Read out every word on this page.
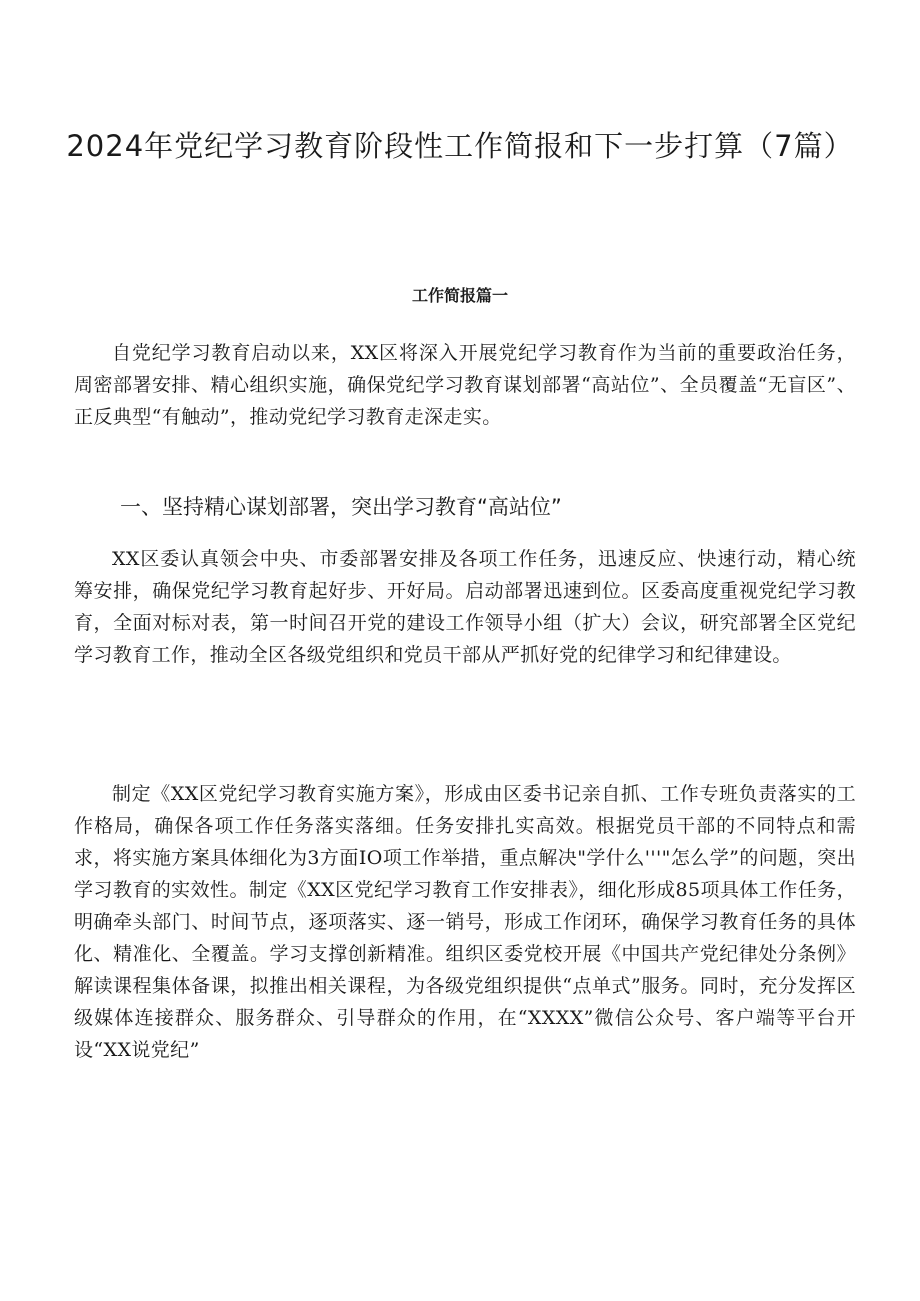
2024年党纪学习教育阶段性工作简报和下一步打算（7篇）
工作简报篇一

自党纪学习教育启动以来，XX区将深入开展党纪学习教育作为当前的重要政治任务，周密部署安排、精心组织实施，确保党纪学习教育谋划部署“高站位”、全员覆盖“无盲区”、正反典型“有触动”，推动党纪学习教育走深走实。

一、坚持精心谋划部署，突出学习教育“高站位”

XX区委认真领会中央、市委部署安排及各项工作任务，迅速反应、快速行动，精心统筹安排，确保党纪学习教育起好步、开好局。启动部署迅速到位。区委高度重视党纪学习教育，全面对标对表，第一时间召开党的建设工作领导小组（扩大）会议，研究部署全区党纪学习教育工作，推动全区各级党组织和党员干部从严抓好党的纪律学习和纪律建设。

制定《XX区党纪学习教育实施方案》，形成由区委书记亲自抓、工作专班负责落实的工作格局，确保各项工作任务落实落细。任务安排扎实高效。根据党员干部的不同特点和需求，将实施方案具体细化为3方面IO项工作举措，重点解决"学什么'''"怎么学”的问题，突出学习教育的实效性。制定《XX区党纪学习教育工作安排表》，细化形成85项具体工作任务，明确牵头部门、时间节点，逐项落实、逐一销号，形成工作闭环，确保学习教育任务的具体化、精准化、全覆盖。学习支撑创新精准。组织区委党校开展《中国共产党纪律处分条例》解读课程集体备课，拟推出相关课程，为各级党组织提供“点单式”服务。同时，充分发挥区级媒体连接群众、服务群众、引导群众的作用，在“XXXX”微信公众号、客户端等平台开设“XX说党纪”
